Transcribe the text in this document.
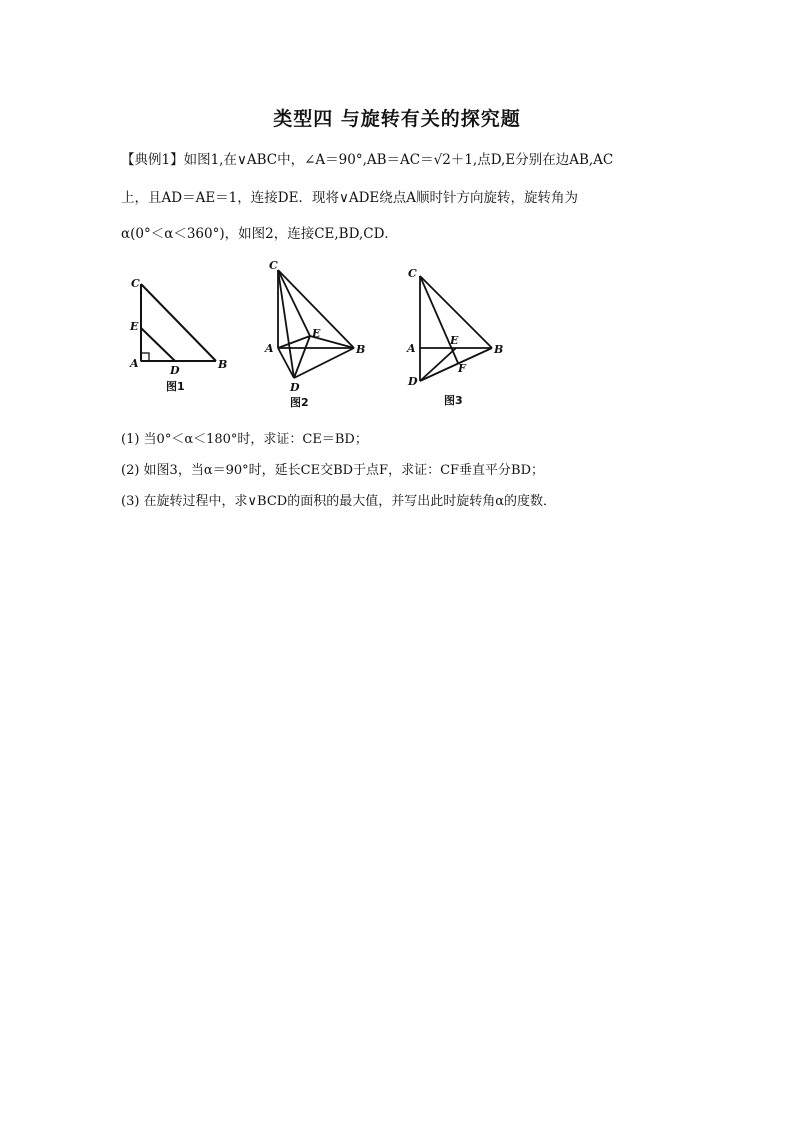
类型四 与旋转有关的探究题
【典例1】如图1,在∨ABC中，∠A＝90°,AB＝AC＝√2＋1,点D,E分别在边AB,AC
上，且AD＝AE＝1，连接DE．现将∨ADE绕点A顺时针方向旋转，旋转角为
α(0°＜α＜360°)，如图2，连接CE,BD,CD．
C
E
A
D	B
图1
C
E
A	B
D
图2
C
A
E
B
D
F
图3
(1) 当0°＜α＜180°时，求证：CE＝BD；
(2) 如图3，当α＝90°时，延长CE交BD于点F，求证：CF垂直平分BD；
(3) 在旋转过程中，求∨BCD的面积的最大值，并写出此时旋转角α的度数．
